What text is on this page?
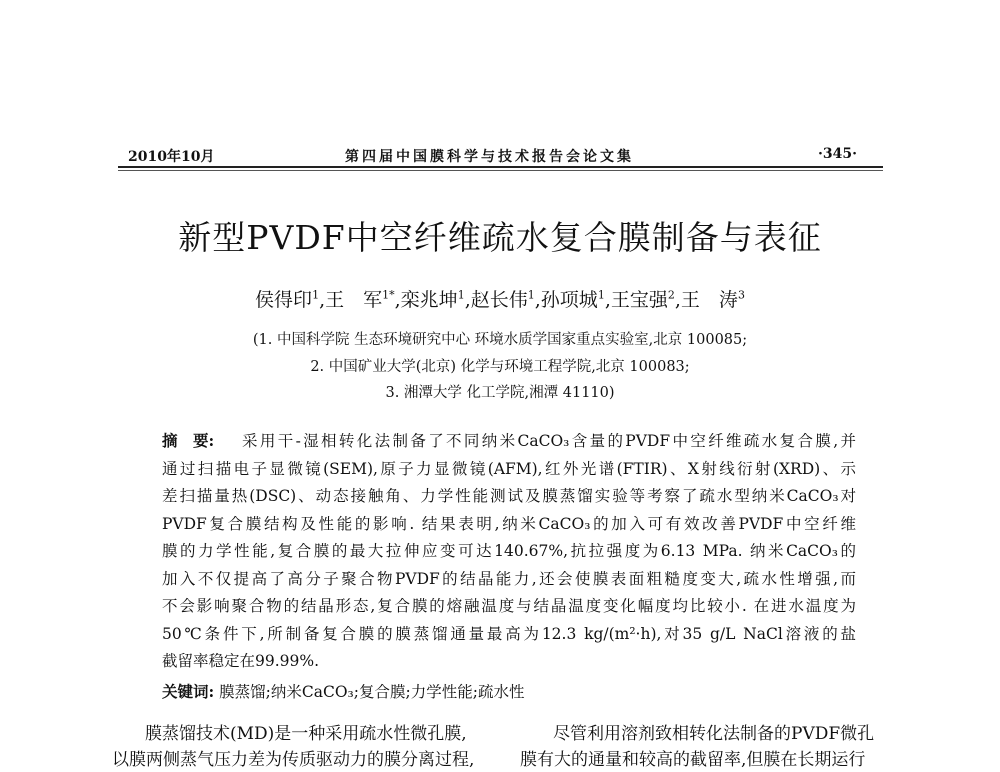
2010年10月	第四届中国膜科学与技术报告会论文集	·345·
新型PVDF中空纤维疏水复合膜制备与表征
侯得印$^1$,王　军$^{1*}$,栾兆坤$^1$,赵长伟$^1$,孙项城$^1$,王宝强$^2$,王　涛$^3$
(1. 中国科学院 生态环境研究中心 环境水质学国家重点实验室,北京 100085;
2. 中国矿业大学(北京) 化学与环境工程学院,北京 100083;
3. 湘潭大学 化工学院,湘潭 41110)
摘　要: 采用干-湿相转化法制备了不同纳米CaCO₃含量的PVDF中空纤维疏水复合膜,并
通过扫描电子显微镜(SEM),原子力显微镜(AFM),红外光谱(FTIR)、X射线衍射(XRD)、示
差扫描量热(DSC)、动态接触角、力学性能测试及膜蒸馏实验等考察了疏水型纳米CaCO₃对
PVDF复合膜结构及性能的影响. 结果表明,纳米CaCO₃的加入可有效改善PVDF中空纤维
膜的力学性能,复合膜的最大拉伸应变可达140.67%,抗拉强度为6.13 MPa. 纳米CaCO₃的
加入不仅提高了高分子聚合物PVDF的结晶能力,还会使膜表面粗糙度变大,疏水性增强,而
不会影响聚合物的结晶形态,复合膜的熔融温度与结晶温度变化幅度均比较小. 在进水温度为
50℃条件下,所制备复合膜的膜蒸馏通量最高为12.3 kg/(m²·h),对35 g/L NaCl溶液的盐
截留率稳定在99.99%.
关键词: 膜蒸馏;纳米CaCO₃;复合膜;力学性能;疏水性
膜蒸馏技术(MD)是一种采用疏水性微孔膜,
以膜两侧蒸气压力差为传质驱动力的膜分离过程,
尽管利用溶剂致相转化法制备的PVDF微孔
膜有大的通量和较高的截留率,但膜在长期运行
